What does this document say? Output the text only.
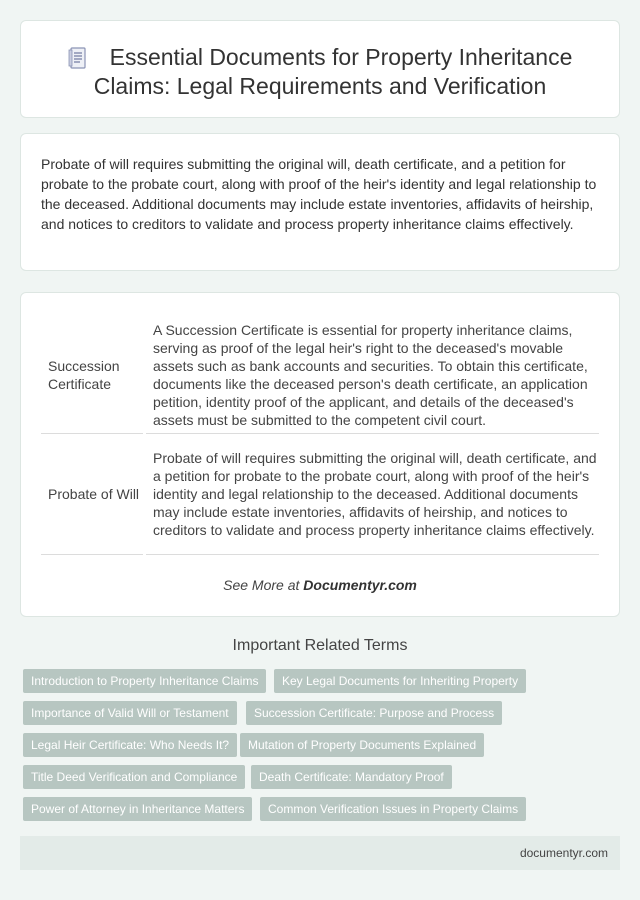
Essential Documents for Property Inheritance Claims: Legal Requirements and Verification

Probate of will requires submitting the original will, death certificate, and a petition for probate to the probate court, along with proof of the heir's identity and legal relationship to the deceased. Additional documents may include estate inventories, affidavits of heirship, and notices to creditors to validate and process property inheritance claims effectively.

Succession Certificate	A Succession Certificate is essential for property inheritance claims, serving as proof of the legal heir's right to the deceased's movable assets such as bank accounts and securities. To obtain this certificate, documents like the deceased person's death certificate, an application petition, identity proof of the applicant, and details of the deceased's assets must be submitted to the competent civil court.
Probate of Will	Probate of will requires submitting the original will, death certificate, and a petition for probate to the probate court, along with proof of the heir's identity and legal relationship to the deceased. Additional documents may include estate inventories, affidavits of heirship, and notices to creditors to validate and process property inheritance claims effectively.
See More at Documentyr.com
Important Related Terms
Introduction to Property Inheritance Claims	Key Legal Documents for Inheriting Property
Importance of Valid Will or Testament	Succession Certificate: Purpose and Process
Legal Heir Certificate: Who Needs It?	Mutation of Property Documents Explained
Title Deed Verification and Compliance	Death Certificate: Mandatory Proof
Power of Attorney in Inheritance Matters	Common Verification Issues in Property Claims
documentyr.com
